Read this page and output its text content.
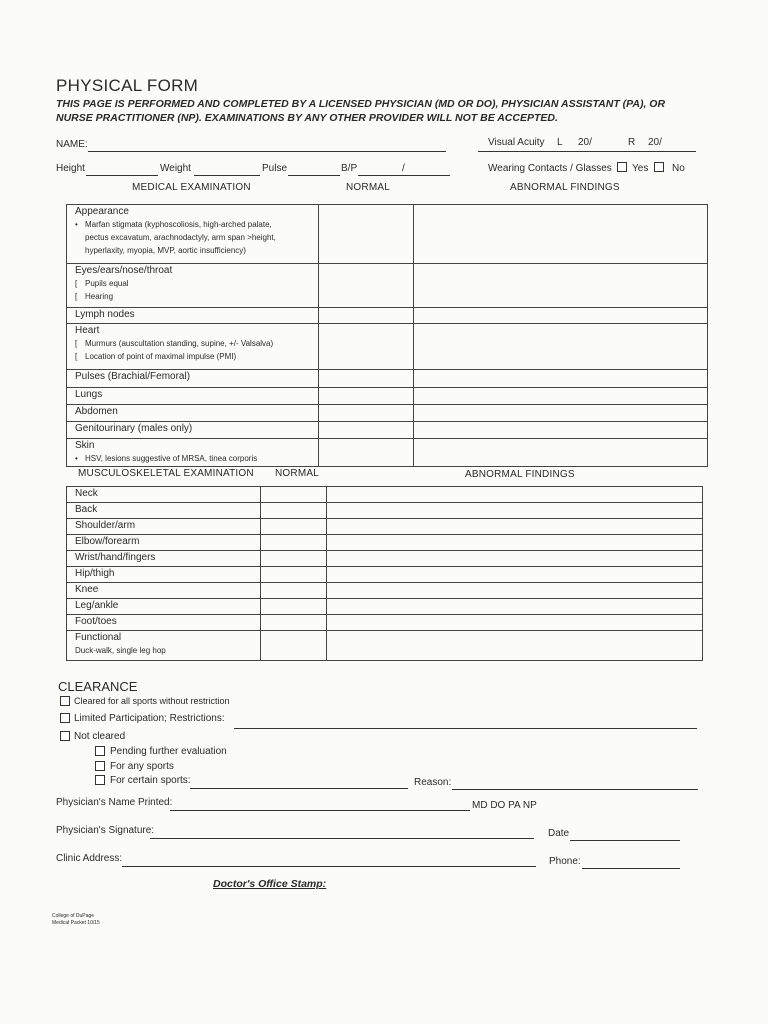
PHYSICAL FORM
THIS PAGE IS PERFORMED AND COMPLETED BY A LICENSED PHYSICIAN (MD OR DO), PHYSICIAN ASSISTANT (PA), OR NURSE PRACTITIONER (NP). EXAMINATIONS BY ANY OTHER PROVIDER WILL NOT BE ACCEPTED.
NAME:	Visual Acuity L 20/	R 20/
Height	Weight	Pulse	B/P	/	Wearing Contacts / Glasses Yes No
MEDICAL EXAMINATION	NORMAL	ABNORMAL FINDINGS
Appearance
• Marfan stigmata (kyphoscoliosis, high-arched palate,
pectus excavatum, arachnodactyly, arm span >height,
hyperlaxity, myopia, MVP, aortic insufficiency)		

Eyes/ears/nose/throat
[ Pupils equal
[ Hearing		

Lymph nodes		

Heart
[ Murmurs (auscultation standing, supine, +/- Valsalva)
[ Location of point of maximal impulse (PMI)		

Pulses (Brachial/Femoral)		

Lungs		

Abdomen		

Genitourinary (males only)		

Skin
• HSV, lesions suggestive of MRSA, tinea corporis		

MUSCULOSKELETAL EXAMINATION NORMAL	ABNORMAL FINDINGS
Neck		

Back		

Shoulder/arm		

Elbow/forearm		

Wrist/hand/fingers		

Hip/thigh		

Knee		

Leg/ankle		

Foot/toes		

Functional
Duck-walk, single leg hop		

CLEARANCE
Cleared for all sports without restriction
Limited Participation; Restrictions:
Not cleared
Pending further evaluation
For any sports
For certain sports:	Reason:
Physician's Name Printed:	MD DO PA NP
Physician's Signature:	Date
Clinic Address:	Phone:
Doctor's Office Stamp:
College of DuPage
Medical Packet 10/15
